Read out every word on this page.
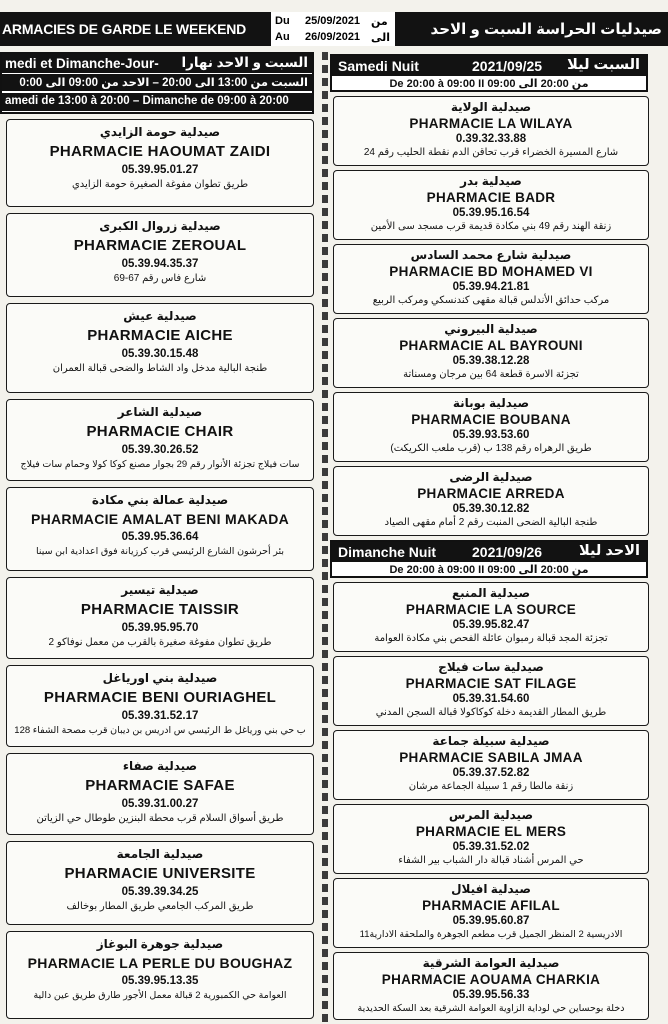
ARMACIES DE GARDE LE WEEKEND	Du 25/09/2021 من
Au 26/09/2021 الى	صيدليات الحراسة السبت و الاحد
medi et Dimanche-Jour- السبت و الاحد نهارا
السبت من 13:00 الى 20:00 – الاحد من 09:00 الى 0:00
amedi de 13:00 à 20:00 – Dimanche de 09:00 à 20:00
صيدلية حومة الزايدي
PHARMACIE HAOUMAT ZAIDI
05.39.95.01.27
طريق تطوان مفوغة الصغيرة حومة الزايدي
صيدلية زروال الكبرى
PHARMACIE ZEROUAL
05.39.94.35.37
شارع فاس رقم 67-69
صيدلية عيش
PHARMACIE AICHE
05.39.30.15.48
طنجة البالية مدخل واد الشاط والضحى قبالة العمران
صيدلية الشاعر
PHARMACIE CHAIR
05.39.30.26.52
سات فيلاج تجزئة الأنوار رقم 29 بجوار مصنع كوكا كولا وحمام سات فيلاج
صيدلية عمالة بني مكادة
PHARMACIE AMALAT BENI MAKADA
05.39.95.36.64
بئر أحرشون الشارع الرئيسي قرب كرزيانة فوق اعدادية ابن سينا
صيدلية تيسير
PHARMACIE TAISSIR
05.39.95.95.70
طريق تطوان مفوغة صغيرة بالقرب من معمل نوفاكو 2
صيدلية بني اورياغل
PHARMACIE BENI OURIAGHEL
05.39.31.52.17
ب حي بني ورياغل ط الرئيسي س ادريس بن ديبان قرب مصحة الشفاء 128
صيدلية صفاء
PHARMACIE SAFAE
05.39.31.00.27
طريق أسواق السلام قرب محطة البنزين طوطال حي الزياتن
صيدلية الجامعة
PHARMACIE UNIVERSITE
05.39.39.34.25
طريق المركب الجامعي طريق المطار بوخالف
صيدلية جوهرة البوغاز
PHARMACIE LA PERLE DU BOUGHAZ
05.39.95.13.35
العوامة حي الكمبورية 2 قبالة معمل الأجور طارق طريق عين دالية
Samedi Nuit	2021/09/25 السبت ليلا
De 20:00 à 09:00 II من 20:00 الى 09:00
صيدلية الولاية
PHARMACIE LA WILAYA
0.39.32.33.88
شارع المسيرة الخضراء قرب تحاقن الدم نقطة الحليب رقم 24
صيدلية بدر
PHARMACIE BADR
05.39.95.16.54
زنقة الهند رقم 49 بني مكادة قديمة قرب مسجد سى الأمين
صيدلية شارع محمد السادس
PHARMACIE BD MOHAMED VI
05.39.94.21.81
مركب حدائق الأندلس قبالة مقهى كندنسكي ومركب الربيع
صيدلية البيروني
PHARMACIE AL BAYROUNI
05.39.38.12.28
تجزئة الاسرة قطعة 64 بين مرجان ومسناتة
صيدلية بوبانة
PHARMACIE BOUBANA
05.39.93.53.60
طريق الرهراه رقم 138 ب (قرب ملعب الكريكت)
صيدلية الرضى
PHARMACIE ARREDA
05.39.30.12.82
طنجة البالية الضحى المنبت رقم 2 أمام مقهى الصياد
Dimanche Nuit	2021/09/26	الاحد ليلا
De 20:00 à 09:00 II من 20:00 الى 09:00
صيدلية المنبع
PHARMACIE LA SOURCE
05.39.95.82.47
تجزئة المجد قبالة رمبوان عائلة الفحص بني مكادة العوامة
صيدلية سات فيلاج
PHARMACIE SAT FILAGE
05.39.31.54.60
طريق المطار القديمة دخلة كوكاكولا قبالة السجن المدني
صيدلية سبيلة جماعة
PHARMACIE SABILA JMAA
05.39.37.52.82
زنقة مالطا رقم 1 سبيلة الجماعة مرشان
صيدلية المرس
PHARMACIE EL MERS
05.39.31.52.02
حي المرس أشناد قبالة دار الشباب بير الشفاء
صيدلية افيلال
PHARMACIE AFILAL
05.39.95.60.87
الادريسية 2 المنظر الجميل قرب مطعم الجوهرة والملحقة الادارية11
صيدلية العوامة الشرقية
PHARMACIE AOUAMA CHARKIA
05.39.95.56.33
دخلة بوحساين حي لوداية الزاوية العوامة الشرقية بعد السكة الحديدية
